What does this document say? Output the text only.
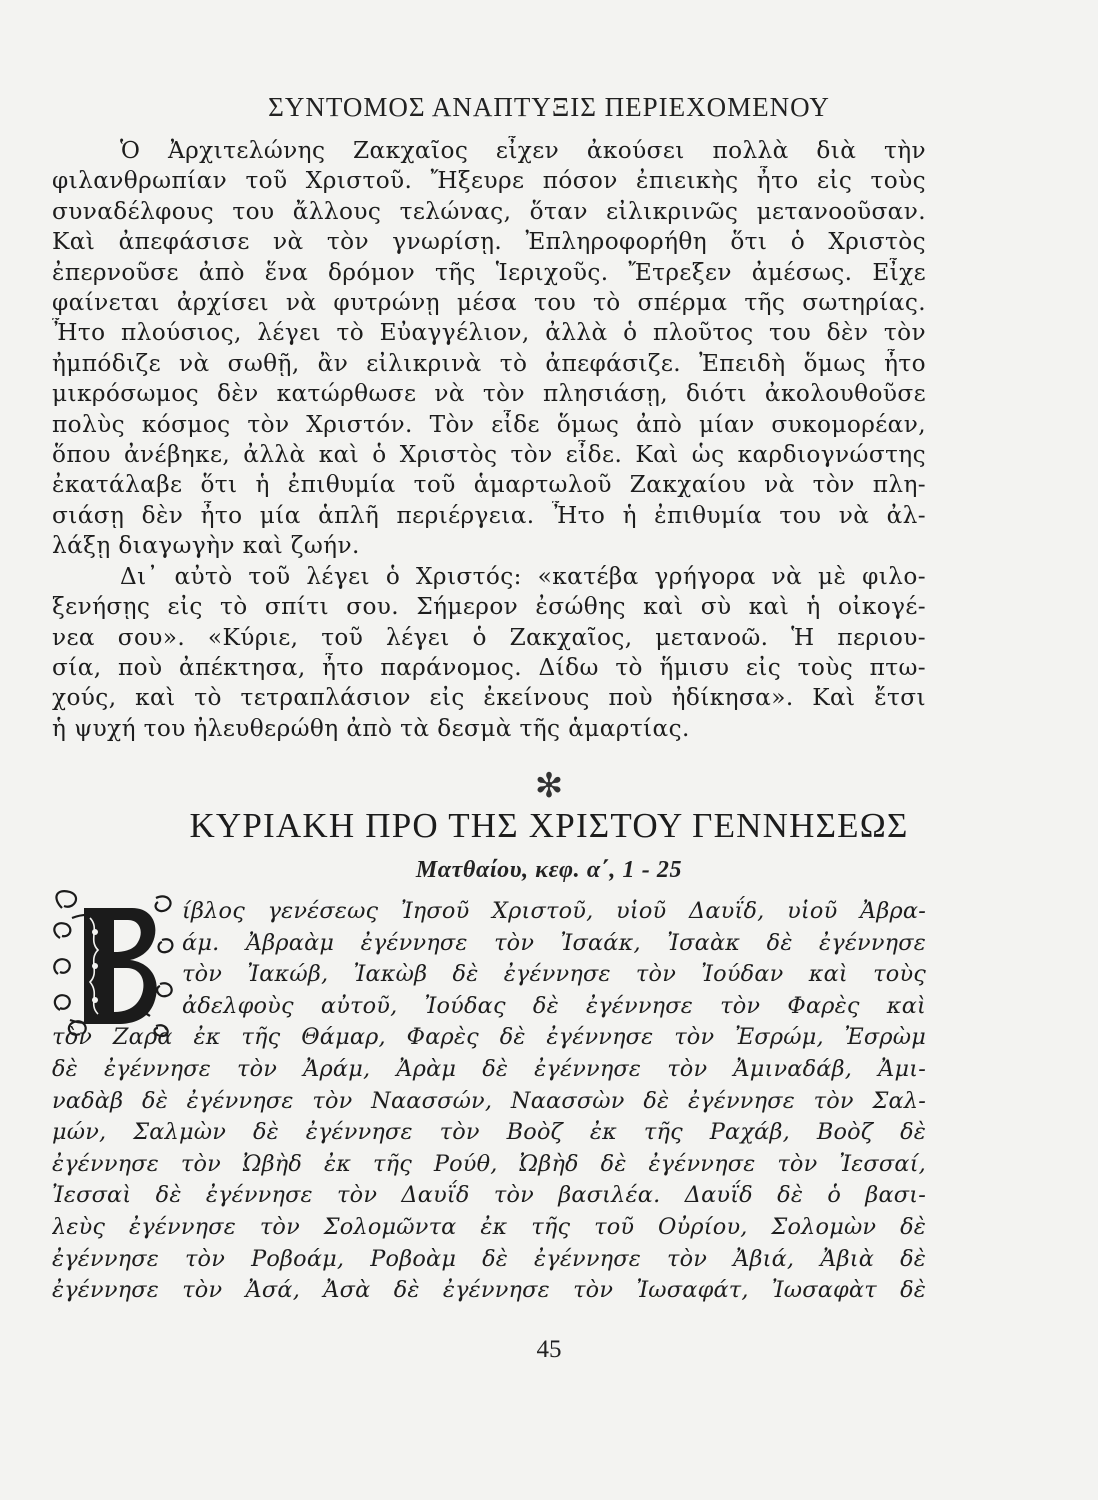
ΣΥΝΤΟΜΟΣ ΑΝΑΠΤΥΞΙΣ ΠΕΡΙΕΧΟΜΕΝΟΥ
Ὁ Ἀρχιτελώνης Ζακχαῖος εἶχεν ἀκούσει πολλὰ διὰ τὴν
φιλανθρωπίαν τοῦ Χριστοῦ. Ἤξευρε πόσον ἐπιεικὴς ἦτο εἰς τοὺς
συναδέλφους του ἄλλους τελώνας, ὅταν εἰλικρινῶς μετανοοῦσαν.
Καὶ ἀπεφάσισε νὰ τὸν γνωρίσῃ. Ἐπληροφορήθη ὅτι ὁ Χριστὸς
ἐπερνοῦσε ἀπὸ ἕνα δρόμον τῆς Ἱεριχοῦς. Ἔτρεξεν ἀμέσως. Εἶχε
φαίνεται ἀρχίσει νὰ φυτρώνῃ μέσα του τὸ σπέρμα τῆς σωτηρίας.
Ἦτο πλούσιος, λέγει τὸ Εὐαγγέλιον, ἀλλὰ ὁ πλοῦτος του δὲν τὸν
ἠμπόδιζε νὰ σωθῇ, ἂν εἰλικρινὰ τὸ ἀπεφάσιζε. Ἐπειδὴ ὅμως ἦτο
μικρόσωμος δὲν κατώρθωσε νὰ τὸν πλησιάσῃ, διότι ἀκολουθοῦσε
πολὺς κόσμος τὸν Χριστόν. Τὸν εἶδε ὅμως ἀπὸ μίαν συκομορέαν,
ὅπου ἀνέβηκε, ἀλλὰ καὶ ὁ Χριστὸς τὸν εἶδε. Καὶ ὡς καρδιογνώστης
ἐκατάλαβε ὅτι ἡ ἐπιθυμία τοῦ ἁμαρτωλοῦ Ζακχαίου νὰ τὸν πλη-
σιάσῃ δὲν ἦτο μία ἁπλῆ περιέργεια. Ἦτο ἡ ἐπιθυμία του νὰ ἀλ-
λάξῃ διαγωγὴν καὶ ζωήν.
Δι᾽ αὐτὸ τοῦ λέγει ὁ Χριστός: «κατέβα γρήγορα νὰ μὲ φιλο-
ξενήσῃς εἰς τὸ σπίτι σου. Σήμερον ἐσώθης καὶ σὺ καὶ ἡ οἰκογέ-
νεα σου». «Κύριε, τοῦ λέγει ὁ Ζακχαῖος, μετανοῶ. Ἡ περιου-
σία, ποὺ ἀπέκτησα, ἦτο παράνομος. Δίδω τὸ ἥμισυ εἰς τοὺς πτω-
χούς, καὶ τὸ τετραπλάσιον εἰς ἐκείνους ποὺ ἠδίκησα». Καὶ ἔτσι
ἡ ψυχή του ἠλευθερώθη ἀπὸ τὰ δεσμὰ τῆς ἁμαρτίας.
✻
ΚΥΡΙΑΚΗ ΠΡΟ ΤΗΣ ΧΡΙΣΤΟΥ ΓΕΝΝΗΣΕΩΣ
Ματθαίου, κεφ. α΄, 1 - 25
ίβλος γενέσεως Ἰησοῦ Χριστοῦ, υἱοῦ Δαυΐδ, υἱοῦ Ἀβρα-
άμ. Ἀβραὰμ ἐγέννησε τὸν Ἰσαάκ, Ἰσαὰκ δὲ ἐγέννησε
τὸν Ἰακώβ, Ἰακὼβ δὲ ἐγέννησε τὸν Ἰούδαν καὶ τοὺς
ἀδελφοὺς αὐτοῦ, Ἰούδας δὲ ἐγέννησε τὸν Φαρὲς καὶ
τὸν Ζαρὰ ἐκ τῆς Θάμαρ, Φαρὲς δὲ ἐγέννησε τὸν Ἐσρώμ, Ἐσρὼμ
δὲ ἐγέννησε τὸν Ἀράμ, Ἀρὰμ δὲ ἐγέννησε τὸν Ἀμιναδάβ, Ἀμι-
ναδὰβ δὲ ἐγέννησε τὸν Ναασσών, Ναασσὼν δὲ ἐγέννησε τὸν Σαλ-
μών, Σαλμὼν δὲ ἐγέννησε τὸν Βοὸζ ἐκ τῆς Ραχάβ, Βοὸζ δὲ
ἐγέννησε τὸν Ὠβὴδ ἐκ τῆς Ρούθ, Ὠβὴδ δὲ ἐγέννησε τὸν Ἰεσσαί,
Ἰεσσαὶ δὲ ἐγέννησε τὸν Δαυΐδ τὸν βασιλέα. Δαυΐδ δὲ ὁ βασι-
λεὺς ἐγέννησε τὸν Σολομῶντα ἐκ τῆς τοῦ Οὐρίου, Σολομὼν δὲ
ἐγέννησε τὸν Ροβοάμ, Ροβοὰμ δὲ ἐγέννησε τὸν Ἀβιά, Ἀβιὰ δὲ
ἐγέννησε τὸν Ἀσά, Ἀσὰ δὲ ἐγέννησε τὸν Ἰωσαφάτ, Ἰωσαφὰτ δὲ
45
